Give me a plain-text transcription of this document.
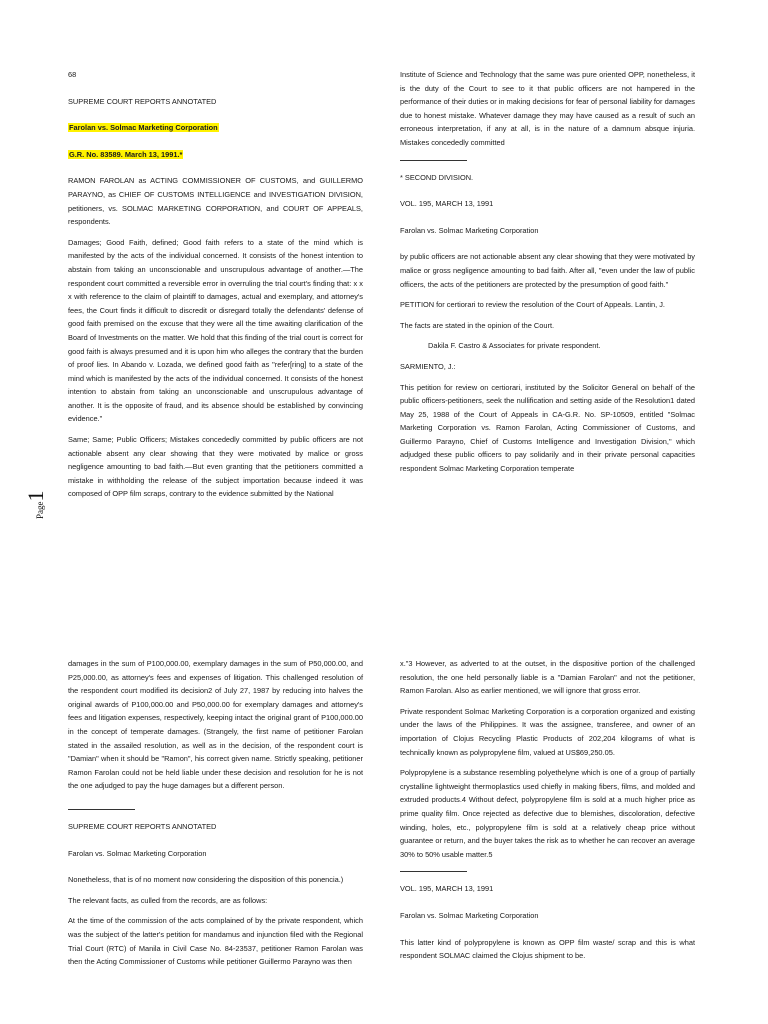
Page1

68

SUPREME COURT REPORTS ANNOTATED

Farolan vs. Solmac Marketing Corporation

G.R. No. 83589. March 13, 1991.*

RAMON FAROLAN as ACTING COMMISSIONER OF CUSTOMS, and GUILLERMO PARAYNO, as CHIEF OF CUSTOMS INTELLIGENCE and INVESTIGATION DIVISION, petitioners, vs. SOLMAC MARKETING CORPORATION, and COURT OF APPEALS, respondents.

Damages; Good Faith, defined; Good faith refers to a state of the mind which is manifested by the acts of the individual concerned. It consists of the honest intention to abstain from taking an unconscionable and unscrupulous advantage of another.—The respondent court committed a reversible error in overruling the trial court's finding that: x x x with reference to the claim of plaintiff to damages, actual and exemplary, and attorney's fees, the Court finds it difficult to discredit or disregard totally the defendants' defense of good faith premised on the excuse that they were all the time awaiting clarification of the Board of Investments on the matter. We hold that this finding of the trial court is correct for good faith is always presumed and it is upon him who alleges the contrary that the burden of proof lies. In Abando v. Lozada, we defined good faith as "refer[ring] to a state of the mind which is manifested by the acts of the individual concerned. It consists of the honest intention to abstain from taking an unconscionable and unscrupulous advantage of another. It is the opposite of fraud, and its absence should be established by convincing evidence."

Same; Same; Public Officers; Mistakes concededly committed by public officers are not actionable absent any clear showing that they were motivated by malice or gross negligence amounting to bad faith.—But even granting that the petitioners committed a mistake in withholding the release of the subject importation because indeed it was composed of OPP film scraps, contrary to the evidence submitted by the National

Institute of Science and Technology that the same was pure oriented OPP, nonetheless, it is the duty of the Court to see to it that public officers are not hampered in the performance of their duties or in making decisions for fear of personal liability for damages due to honest mistake. Whatever damage they may have caused as a result of such an erroneous interpretation, if any at all, is in the nature of a damnum absque injuria. Mistakes concededly committed

* SECOND DIVISION.

VOL. 195, MARCH 13, 1991

Farolan vs. Solmac Marketing Corporation

by public officers are not actionable absent any clear showing that they were motivated by malice or gross negligence amounting to bad faith. After all, "even under the law of public officers, the acts of the petitioners are protected by the presumption of good faith."

PETITION for certiorari to review the resolution of the Court of Appeals. Lantin, J.

The facts are stated in the opinion of the Court.

Dakila F. Castro & Associates for private respondent.

SARMIENTO, J.:

This petition for review on certiorari, instituted by the Solicitor General on behalf of the public officers-petitioners, seek the nullification and setting aside of the Resolution1 dated May 25, 1988 of the Court of Appeals in CA-G.R. No. SP-10509, entitled "Solmac Marketing Corporation vs. Ramon Farolan, Acting Commissioner of Customs, and Guillermo Parayno, Chief of Customs Intelligence and Investigation Division," which adjudged these public officers to pay solidarily and in their private personal capacities respondent Solmac Marketing Corporation temperate

damages in the sum of P100,000.00, exemplary damages in the sum of P50,000.00, and P25,000.00, as attorney's fees and expenses of litigation. This challenged resolution of the respondent court modified its decision2 of July 27, 1987 by reducing into halves the original awards of P100,000.00 and P50,000.00 for exemplary damages and attorney's fees and litigation expenses, respectively, keeping intact the original grant of P100,000.00 in the concept of temperate damages. (Strangely, the first name of petitioner Farolan stated in the assailed resolution, as well as in the decision, of the respondent court is "Damian" when it should be "Ramon", his correct given name. Strictly speaking, petitioner Ramon Farolan could not be held liable under these decision and resolution for he is not the one adjudged to pay the huge damages but a different person.

SUPREME COURT REPORTS ANNOTATED

Farolan vs. Solmac Marketing Corporation

Nonetheless, that is of no moment now considering the disposition of this ponencia.)

The relevant facts, as culled from the records, are as follows:

At the time of the commission of the acts complained of by the private respondent, which was the subject of the latter's petition for mandamus and injunction filed with the Regional Trial Court (RTC) of Manila in Civil Case No. 84-23537, petitioner Ramon Farolan was then the Acting Commissioner of Customs while petitioner Guillermo Parayno was then

x."3 However, as adverted to at the outset, in the dispositive portion of the challenged resolution, the one held personally liable is a "Damian Farolan" and not the petitioner, Ramon Farolan. Also as earlier mentioned, we will ignore that gross error.

Private respondent Solmac Marketing Corporation is a corporation organized and existing under the laws of the Philippines. It was the assignee, transferee, and owner of an importation of Clojus Recycling Plastic Products of 202,204 kilograms of what is technically known as polypropylene film, valued at US$69,250.05.

Polypropylene is a substance resembling polyethelyne which is one of a group of partially crystalline lightweight thermoplastics used chiefly in making fibers, films, and molded and extruded products.4 Without defect, polypropylene film is sold at a much higher price as prime quality film. Once rejected as defective due to blemishes, discoloration, defective winding, holes, etc., polypropylene film is sold at a relatively cheap price without guarantee or return, and the buyer takes the risk as to whether he can recover an average 30% to 50% usable matter.5

VOL. 195, MARCH 13, 1991

Farolan vs. Solmac Marketing Corporation

This latter kind of polypropylene is known as OPP film waste/ scrap and this is what respondent SOLMAC claimed the Clojus shipment to be.
